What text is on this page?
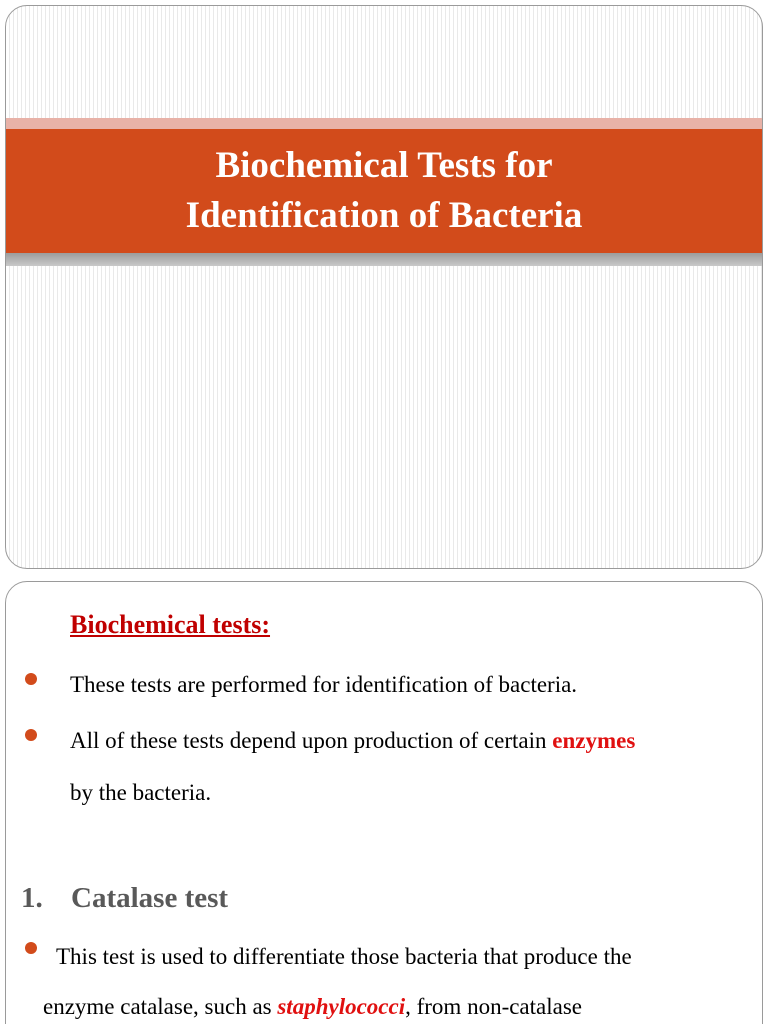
Biochemical Tests for
Identification of Bacteria
Biochemical tests:
These tests are performed for identification of bacteria.
All of these tests depend upon production of certain enzymes
by the bacteria.
1. Catalase test
This test is used to differentiate those bacteria that produce the
enzyme catalase, such as staphylococci, from non-catalase
